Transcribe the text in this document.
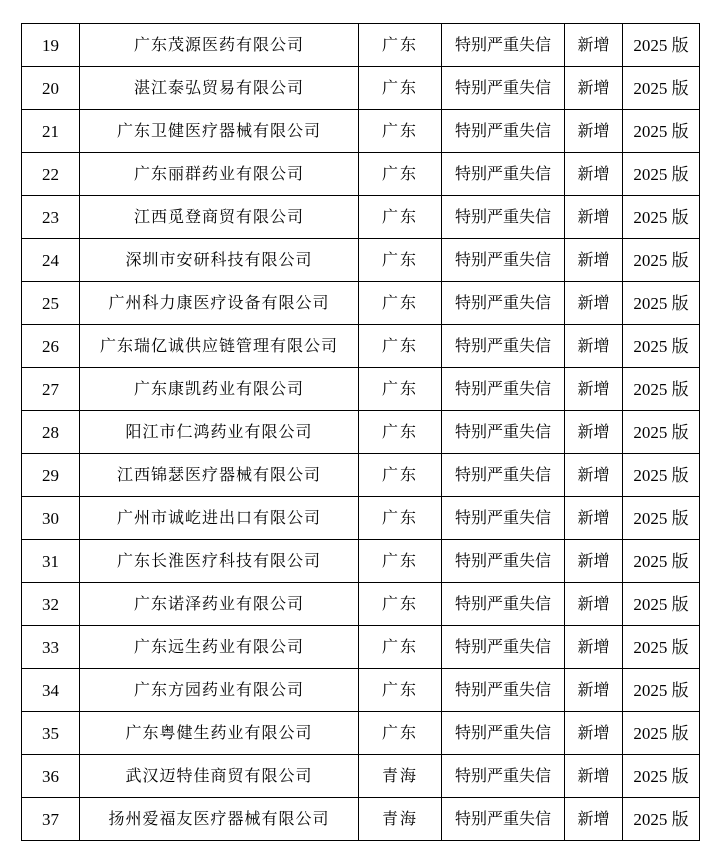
19	广东茂源医药有限公司	广东	特别严重失信	新增	2025 版
20	湛江泰弘贸易有限公司	广东	特别严重失信	新增	2025 版
21	广东卫健医疗器械有限公司	广东	特别严重失信	新增	2025 版
22	广东丽群药业有限公司	广东	特别严重失信	新增	2025 版
23	江西觅登商贸有限公司	广东	特别严重失信	新增	2025 版
24	深圳市安研科技有限公司	广东	特别严重失信	新增	2025 版
25	广州科力康医疗设备有限公司	广东	特别严重失信	新增	2025 版
26	广东瑞亿诚供应链管理有限公司	广东	特别严重失信	新增	2025 版
27	广东康凯药业有限公司	广东	特别严重失信	新增	2025 版
28	阳江市仁鸿药业有限公司	广东	特别严重失信	新增	2025 版
29	江西锦瑟医疗器械有限公司	广东	特别严重失信	新增	2025 版
30	广州市诚屹进出口有限公司	广东	特别严重失信	新增	2025 版
31	广东长淮医疗科技有限公司	广东	特别严重失信	新增	2025 版
32	广东诺泽药业有限公司	广东	特别严重失信	新增	2025 版
33	广东远生药业有限公司	广东	特别严重失信	新增	2025 版
34	广东方园药业有限公司	广东	特别严重失信	新增	2025 版
35	广东粤健生药业有限公司	广东	特别严重失信	新增	2025 版
36	武汉迈特佳商贸有限公司	青海	特别严重失信	新增	2025 版
37	扬州爱福友医疗器械有限公司	青海	特别严重失信	新增	2025 版
